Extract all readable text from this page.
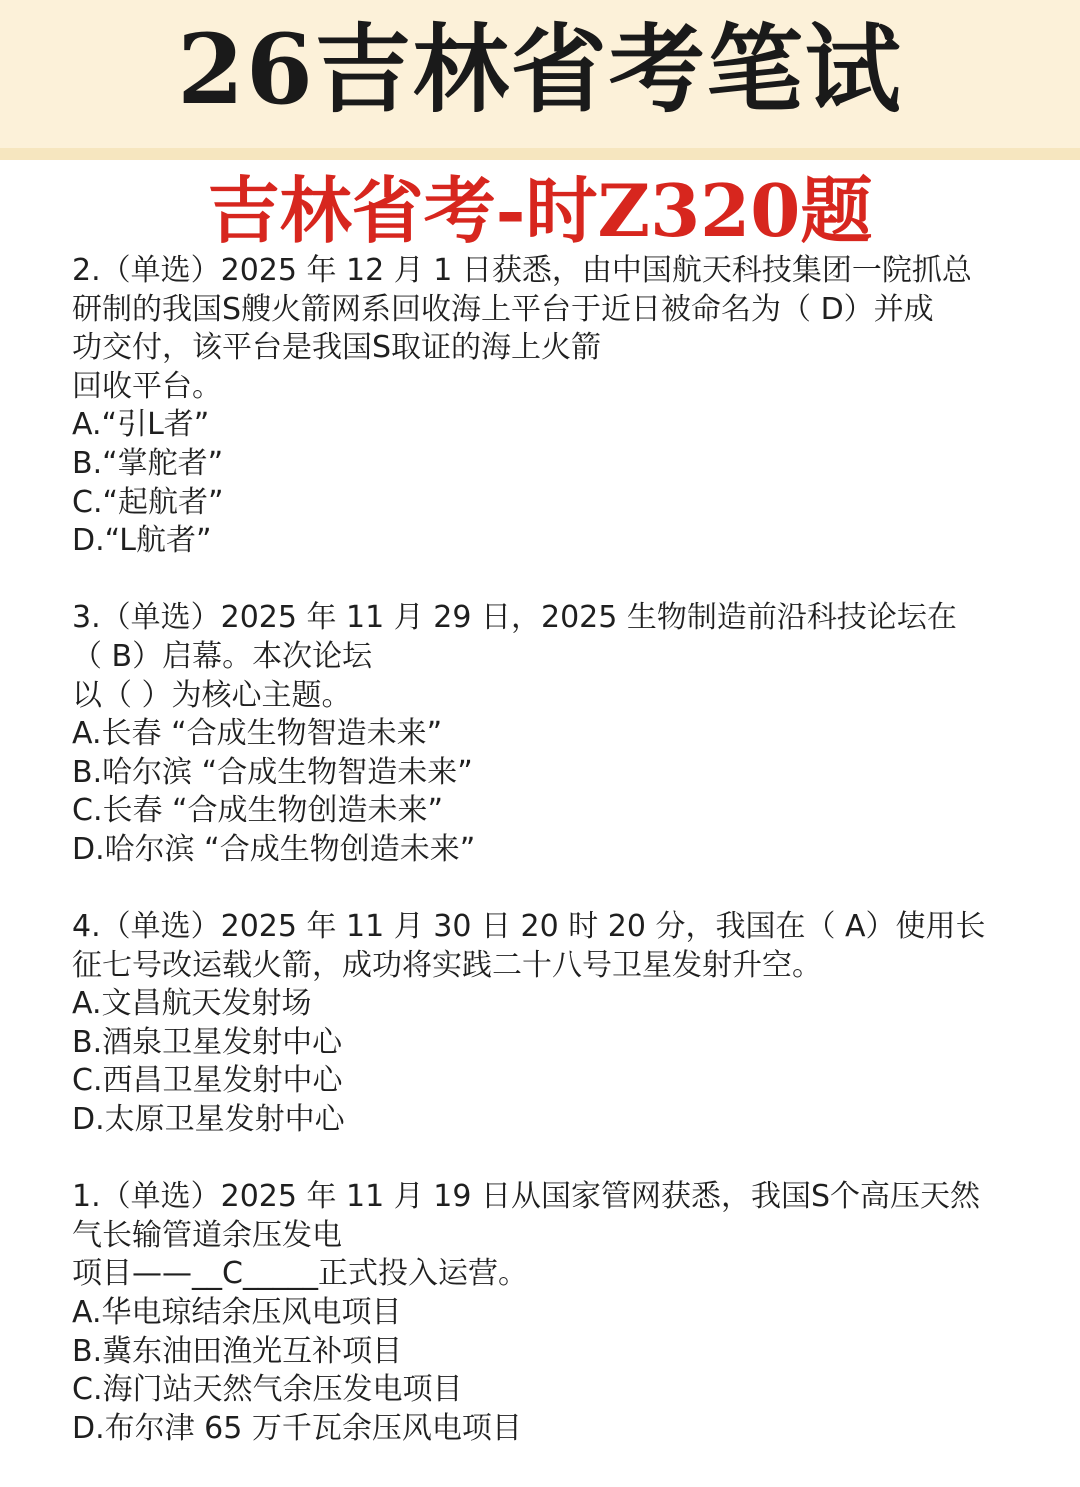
26吉林省考笔试
吉林省考-时Z320题
2.（单选）2025 年 12 月 1 日获悉，由中国航天科技集团一院抓总
研制的我国S艘火箭网系回收海上平台于近日被命名为（ D）并成
功交付，该平台是我国S取证的海上火箭
回收平台。
A.“引L者”
B.“掌舵者”
C.“起航者”
D.“L航者”
3.（单选）2025 年 11 月 29 日，2025 生物制造前沿科技论坛在
（ B）启幕。本次论坛
以（ ）为核心主题。
A.长春 “合成生物智造未来”
B.哈尔滨 “合成生物智造未来”
C.长春 “合成生物创造未来”
D.哈尔滨 “合成生物创造未来”
4.（单选）2025 年 11 月 30 日 20 时 20 分，我国在（ A）使用长
征七号改运载火箭，成功将实践二十八号卫星发射升空。
A.文昌航天发射场
B.酒泉卫星发射中心
C.西昌卫星发射中心
D.太原卫星发射中心
1.（单选）2025 年 11 月 19 日从国家管网获悉，我国S个高压天然
气长输管道余压发电
项目——__C_____正式投入运营。
A.华电琼结余压风电项目
B.冀东油田渔光互补项目
C.海门站天然气余压发电项目
D.布尔津 65 万千瓦余压风电项目
